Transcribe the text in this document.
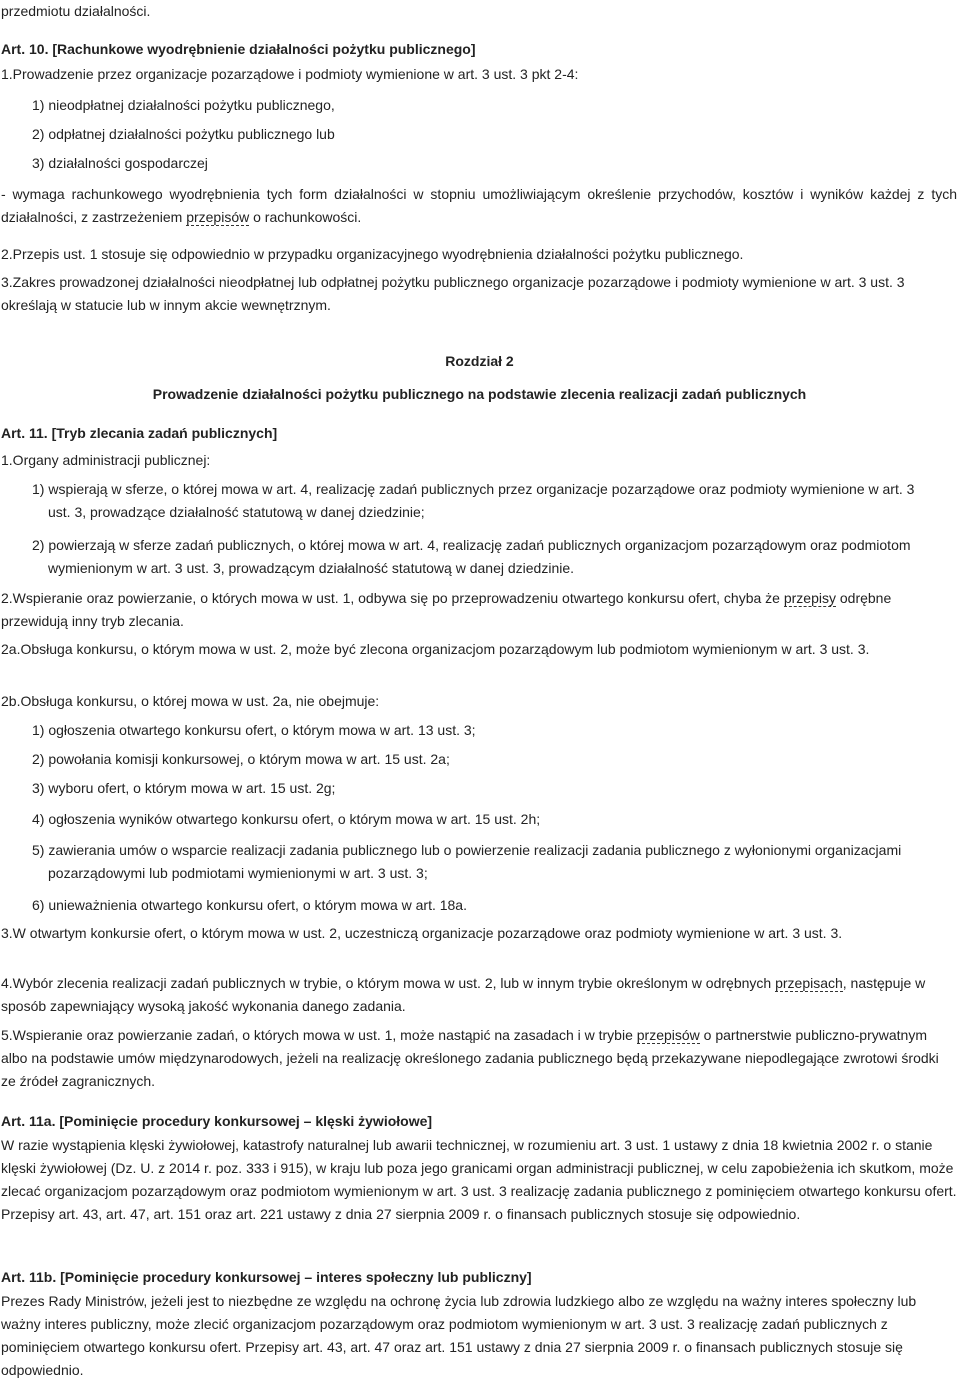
przedmiotu działalności.

Art. 10. [Rachunkowe wyodrębnienie działalności pożytku publicznego]

1.Prowadzenie przez organizacje pozarządowe i podmioty wymienione w art. 3 ust. 3 pkt 2-4:

1) nieodpłatnej działalności pożytku publicznego,

2) odpłatnej działalności pożytku publicznego lub

3) działalności gospodarczej

- wymaga rachunkowego wyodrębnienia tych form działalności w stopniu umożliwiającym określenie przychodów, kosztów i wyników każdej z tych działalności, z zastrzeżeniem przepisów o rachunkowości.

2.Przepis ust. 1 stosuje się odpowiednio w przypadku organizacyjnego wyodrębnienia działalności pożytku publicznego.

3.Zakres prowadzonej działalności nieodpłatnej lub odpłatnej pożytku publicznego organizacje pozarządowe i podmioty wymienione w art. 3 ust. 3 określają w statucie lub w innym akcie wewnętrznym.

Rozdział 2

Prowadzenie działalności pożytku publicznego na podstawie zlecenia realizacji zadań publicznych

Art. 11. [Tryb zlecania zadań publicznych]

1.Organy administracji publicznej:

1) wspierają w sferze, o której mowa w art. 4, realizację zadań publicznych przez organizacje pozarządowe oraz podmioty wymienione w art. 3 ust. 3, prowadzące działalność statutową w danej dziedzinie;

2) powierzają w sferze zadań publicznych, o której mowa w art. 4, realizację zadań publicznych organizacjom pozarządowym oraz podmiotom wymienionym w art. 3 ust. 3, prowadzącym działalność statutową w danej dziedzinie.

2.Wspieranie oraz powierzanie, o których mowa w ust. 1, odbywa się po przeprowadzeniu otwartego konkursu ofert, chyba że przepisy odrębne przewidują inny tryb zlecania.

2a.Obsługa konkursu, o którym mowa w ust. 2, może być zlecona organizacjom pozarządowym lub podmiotom wymienionym w art. 3 ust. 3.

2b.Obsługa konkursu, o której mowa w ust. 2a, nie obejmuje:

1) ogłoszenia otwartego konkursu ofert, o którym mowa w art. 13 ust. 3;

2) powołania komisji konkursowej, o którym mowa w art. 15 ust. 2a;

3) wyboru ofert, o którym mowa w art. 15 ust. 2g;

4) ogłoszenia wyników otwartego konkursu ofert, o którym mowa w art. 15 ust. 2h;

5) zawierania umów o wsparcie realizacji zadania publicznego lub o powierzenie realizacji zadania publicznego z wyłonionymi organizacjami pozarządowymi lub podmiotami wymienionymi w art. 3 ust. 3;

6) unieważnienia otwartego konkursu ofert, o którym mowa w art. 18a.

3.W otwartym konkursie ofert, o którym mowa w ust. 2, uczestniczą organizacje pozarządowe oraz podmioty wymienione w art. 3 ust. 3.

4.Wybór zlecenia realizacji zadań publicznych w trybie, o którym mowa w ust. 2, lub w innym trybie określonym w odrębnych przepisach, następuje w sposób zapewniający wysoką jakość wykonania danego zadania.

5.Wspieranie oraz powierzanie zadań, o których mowa w ust. 1, może nastąpić na zasadach i w trybie przepisów o partnerstwie publiczno-prywatnym albo na podstawie umów międzynarodowych, jeżeli na realizację określonego zadania publicznego będą przekazywane niepodlegające zwrotowi środki ze źródeł zagranicznych.

Art. 11a. [Pominięcie procedury konkursowej – klęski żywiołowe]

W razie wystąpienia klęski żywiołowej, katastrofy naturalnej lub awarii technicznej, w rozumieniu art. 3 ust. 1 ustawy z dnia 18 kwietnia 2002 r. o stanie klęski żywiołowej (Dz. U. z 2014 r. poz. 333 i 915), w kraju lub poza jego granicami organ administracji publicznej, w celu zapobieżenia ich skutkom, może zlecać organizacjom pozarządowym oraz podmiotom wymienionym w art. 3 ust. 3 realizację zadania publicznego z pominięciem otwartego konkursu ofert. Przepisy art. 43, art. 47, art. 151 oraz art. 221 ustawy z dnia 27 sierpnia 2009 r. o finansach publicznych stosuje się odpowiednio.

Art. 11b. [Pominięcie procedury konkursowej – interes społeczny lub publiczny]

Prezes Rady Ministrów, jeżeli jest to niezbędne ze względu na ochronę życia lub zdrowia ludzkiego albo ze względu na ważny interes społeczny lub ważny interes publiczny, może zlecić organizacjom pozarządowym oraz podmiotom wymienionym w art. 3 ust. 3 realizację zadań publicznych z pominięciem otwartego konkursu ofert. Przepisy art. 43, art. 47 oraz art. 151 ustawy z dnia 27 sierpnia 2009 r. o finansach publicznych stosuje się odpowiednio.
